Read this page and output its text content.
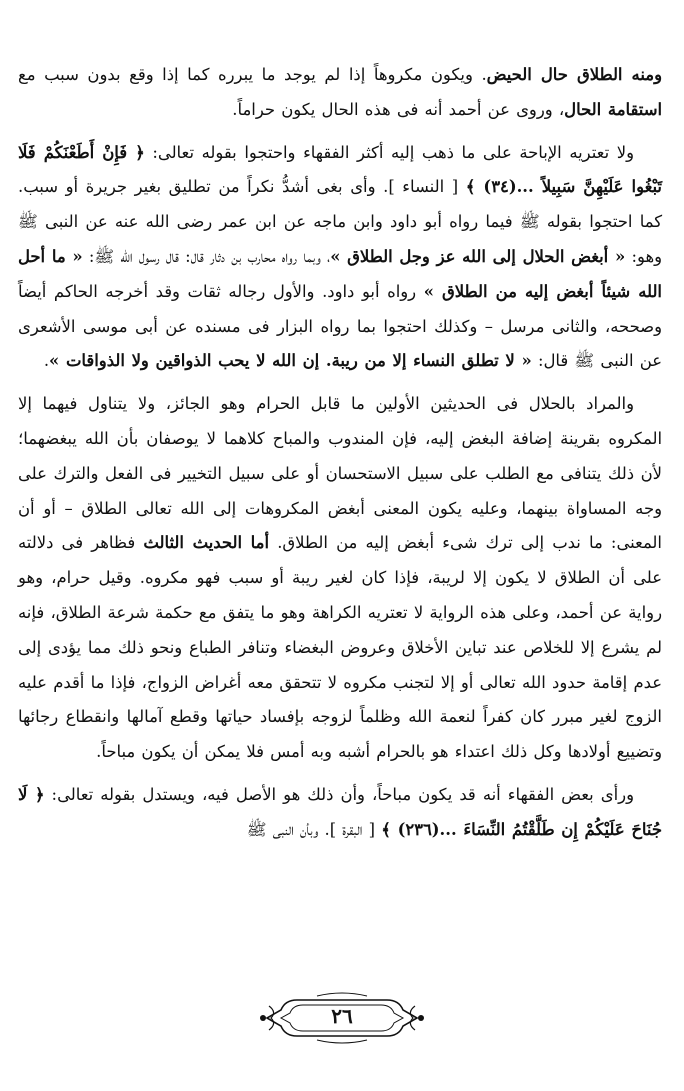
ومنه الطلاق حال الحيض. ويكون مكروهاً إذا لم يوجد ما يبرره كما إذا وقع بدون سبب مع استقامة الحال، وروى عن أحمد أنه فى هذه الحال يكون حراماً.

ولا تعتريه الإباحة على ما ذهب إليه أكثر الفقهاء واحتجوا بقوله تعالى: ﴿ فَإِنْ أَطَعْنَكُمْ فَلَا تَبْغُوا عَلَيْهِنَّ سَبِيلاً ...(٣٤) ﴾ [ النساء ]. وأى بغى أشدُّ نكراً من تطليق بغير جريرة أو سبب. كما احتجوا بقوله ﷺ فيما رواه أبو داود وابن ماجه عن ابن عمر رضى الله عنه عن النبى ﷺ وهو: « أبغض الحلال إلى الله عز وجل الطلاق »، وبما رواه محارب بن دثار قال: قال رسول الله ﷺ: « ما أحل الله شيئاً أبغض إليه من الطلاق » رواه أبو داود. والأول رجاله ثقات وقد أخرجه الحاكم أيضاً وصححه، والثانى مرسل – وكذلك احتجوا بما رواه البزار فى مسنده عن أبى موسى الأشعرى عن النبى ﷺ قال: « لا تطلق النساء إلا من ريبة. إن الله لا يحب الذواقين ولا الذواقات ».

والمراد بالحلال فى الحديثين الأولين ما قابل الحرام وهو الجائز، ولا يتناول فيهما إلا المكروه بقرينة إضافة البغض إليه، فإن المندوب والمباح كلاهما لا يوصفان بأن الله يبغضهما؛ لأن ذلك يتنافى مع الطلب على سبيل الاستحسان أو على سبيل التخيير فى الفعل والترك على وجه المساواة بينهما، وعليه يكون المعنى أبغض المكروهات إلى الله تعالى الطلاق – أو أن المعنى: ما ندب إلى ترك شىء أبغض إليه من الطلاق. أما الحديث الثالث فظاهر فى دلالته على أن الطلاق لا يكون إلا لريبة، فإذا كان لغير ريبة أو سبب فهو مكروه. وقيل حرام، وهو رواية عن أحمد، وعلى هذه الرواية لا تعتريه الكراهة وهو ما يتفق مع حكمة شرعة الطلاق، فإنه لم يشرع إلا للخلاص عند تباين الأخلاق وعروض البغضاء وتنافر الطباع ونحو ذلك مما يؤدى إلى عدم إقامة حدود الله تعالى أو إلا لتجنب مكروه لا تتحقق معه أغراض الزواج، فإذا ما أقدم عليه الزوج لغير مبرر كان كفراً لنعمة الله وظلماً لزوجه بإفساد حياتها وقطع آمالها وانقطاع رجائها وتضييع أولادها وكل ذلك اعتداء هو بالحرام أشبه وبه أمس فلا يمكن أن يكون مباحاً.

ورأى بعض الفقهاء أنه قد يكون مباحاً، وأن ذلك هو الأصل فيه، ويستدل بقوله تعالى: ﴿ لَا جُنَاحَ عَلَيْكُمْ إِن طَلَّقْتُمُ النِّسَاءَ ...(٢٣٦) ﴾ [ البقرة ]. وبأن النبى ﷺ

٢٦
